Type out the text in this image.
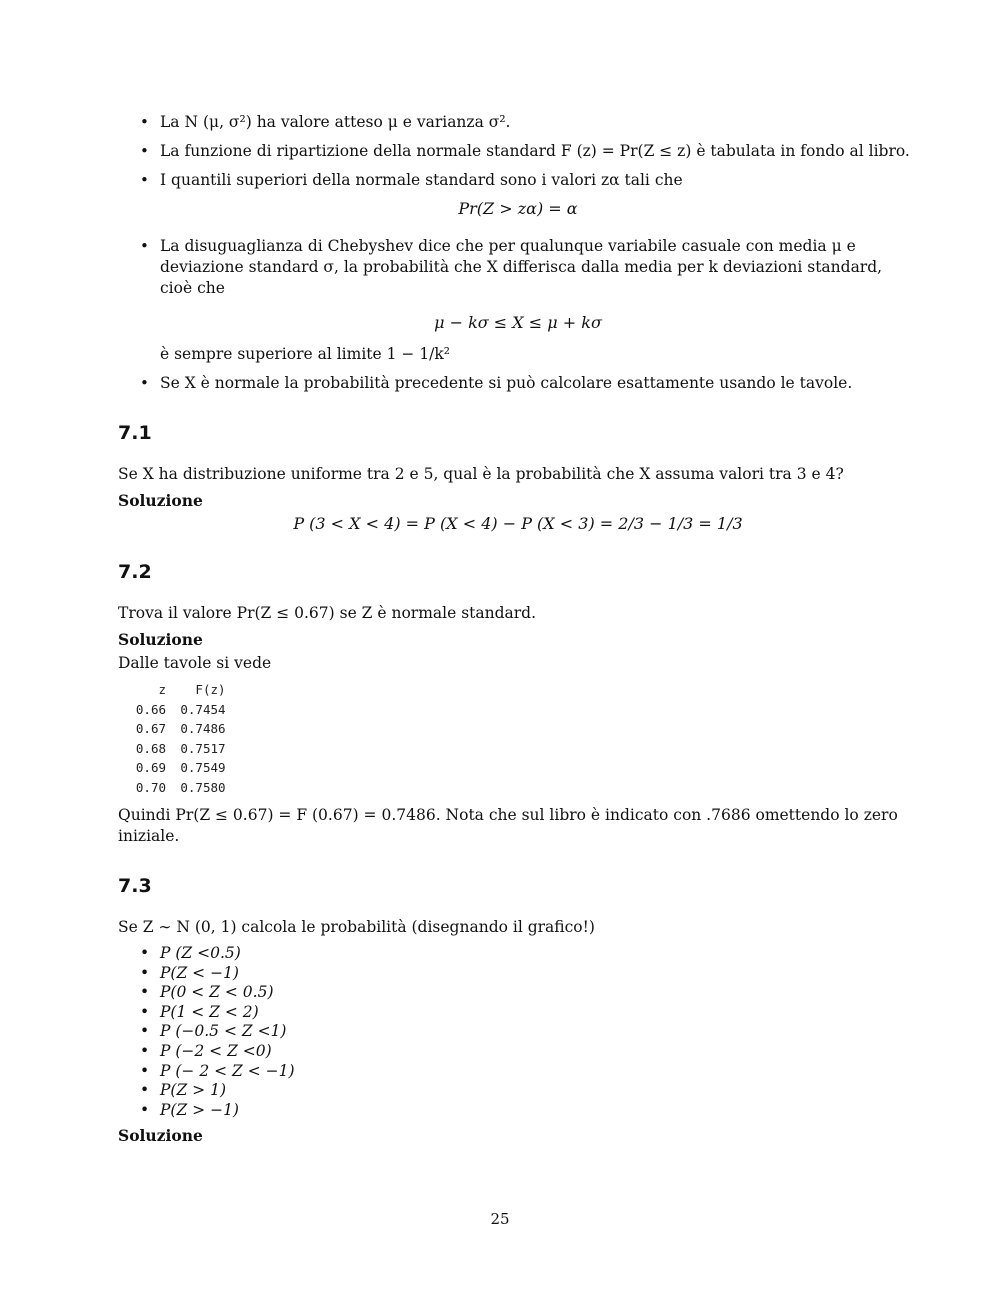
• La N (μ, σ²) ha valore atteso μ e varianza σ².
• La funzione di ripartizione della normale standard F (z) = Pr(Z ≤ z) è tabulata in fondo al libro.
• I quantili superiori della normale standard sono i valori zα tali che
Pr(Z > zα) = α
• La disuguaglianza di Chebyshev dice che per qualunque variabile casuale con media μ e deviazione standard σ, la probabilità che X differisca dalla media per k deviazioni standard, cioè che
μ − kσ ≤ X ≤ μ + kσ
è sempre superiore al limite 1 − 1/k²
• Se X è normale la probabilità precedente si può calcolare esattamente usando le tavole.
7.1
Se X ha distribuzione uniforme tra 2 e 5, qual è la probabilità che X assuma valori tra 3 e 4?
Soluzione
P (3 < X < 4) = P (X < 4) − P (X < 3) = 2/3 − 1/3 = 1/3
7.2
Trova il valore Pr(Z ≤ 0.67) se Z è normale standard.
Soluzione
Dalle tavole si vede
z F(z)
0.66 0.7454
0.67 0.7486
0.68 0.7517
0.69 0.7549
0.70 0.7580
Quindi Pr(Z ≤ 0.67) = F (0.67) = 0.7486. Nota che sul libro è indicato con .7686 omettendo lo zero iniziale.
7.3
Se Z ∼ N (0, 1) calcola le probabilità (disegnando il grafico!)
• P (Z <0.5)
• P(Z < −1)
• P(0 < Z < 0.5)
• P(1 < Z < 2)
• P (−0.5 < Z <1)
• P (−2 < Z <0)
• P (− 2 < Z < −1)
• P(Z > 1)
• P(Z > −1)
Soluzione
25
